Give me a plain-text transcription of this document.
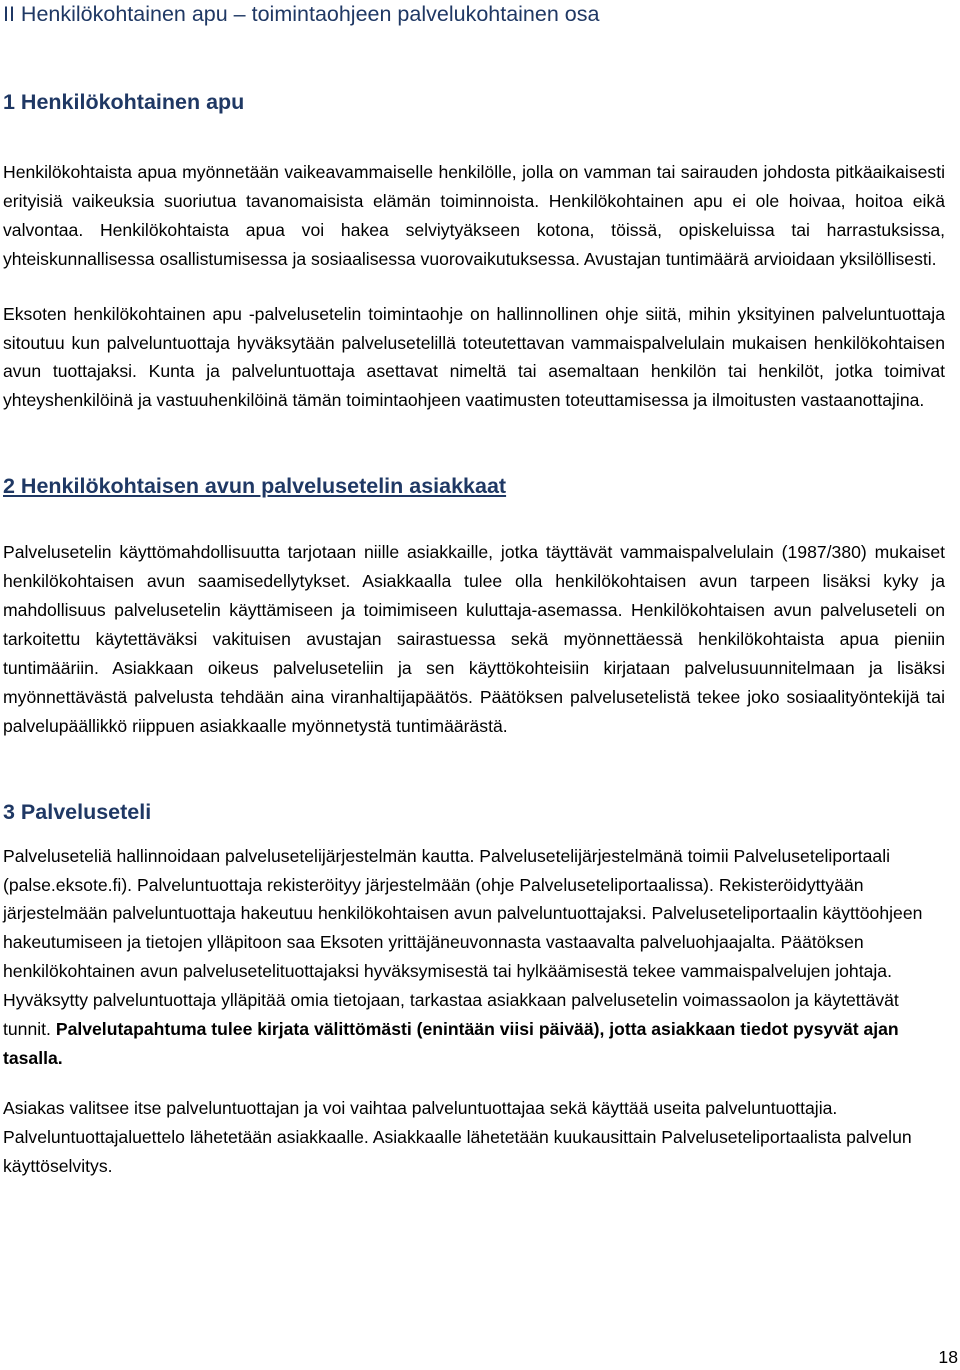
II Henkilökohtainen apu – toimintaohjeen palvelukohtainen osa
1 Henkilökohtainen apu

Henkilökohtaista apua myönnetään vaikeavammaiselle henkilölle, jolla on vamman tai sairauden johdosta pitkäaikaisesti erityisiä vaikeuksia suoriutua tavanomaisista elämän toiminnoista. Henkilökohtainen apu ei ole hoivaa, hoitoa eikä valvontaa. Henkilökohtaista apua voi hakea selviytyäkseen kotona, töissä, opiskeluissa tai harrastuksissa, yhteiskunnallisessa osallistumisessa ja sosiaalisessa vuorovaikutuksessa. Avustajan tuntimäärä arvioidaan yksilöllisesti.

Eksoten henkilökohtainen apu -palvelusetelin toimintaohje on hallinnollinen ohje siitä, mihin yksityinen palveluntuottaja sitoutuu kun palveluntuottaja hyväksytään palvelusetelillä toteutettavan vammaispalvelulain mukaisen henkilökohtaisen avun tuottajaksi. Kunta ja palveluntuottaja asettavat nimeltä tai asemaltaan henkilön tai henkilöt, jotka toimivat yhteyshenkilöinä ja vastuuhenkilöinä tämän toimintaohjeen vaatimusten toteuttamisessa ja ilmoitusten vastaanottajina.

2 Henkilökohtaisen avun palvelusetelin asiakkaat

Palvelusetelin käyttömahdollisuutta tarjotaan niille asiakkaille, jotka täyttävät vammaispalvelulain (1987/380) mukaiset henkilökohtaisen avun saamisedellytykset. Asiakkaalla tulee olla henkilökohtaisen avun tarpeen lisäksi kyky ja mahdollisuus palvelusetelin käyttämiseen ja toimimiseen kuluttaja-asemassa. Henkilökohtaisen avun palveluseteli on tarkoitettu käytettäväksi vakituisen avustajan sairastuessa sekä myönnettäessä henkilökohtaista apua pieniin tuntimääriin. Asiakkaan oikeus palveluseteliin ja sen käyttökohteisiin kirjataan palvelusuunnitelmaan ja lisäksi myönnettävästä palvelusta tehdään aina viranhaltijapäätös. Päätöksen palvelusetelistä tekee joko sosiaalityöntekijä tai palvelupäällikkö riippuen asiakkaalle myönnetystä tuntimäärästä.

3 Palveluseteli

Palveluseteliä hallinnoidaan palvelusetelijärjestelmän kautta. Palvelusetelijärjestelmänä toimii Palveluseteliportaali (palse.eksote.fi). Palveluntuottaja rekisteröityy järjestelmään (ohje Palveluseteliportaalissa). Rekisteröidyttyään järjestelmään palveluntuottaja hakeutuu henkilökohtaisen avun palveluntuottajaksi. Palveluseteliportaalin käyttöohjeen hakeutumiseen ja tietojen ylläpitoon saa Eksoten yrittäjäneuvonnasta vastaavalta palveluohjaajalta. Päätöksen henkilökohtainen avun palvelusetelituottajaksi hyväksymisestä tai hylkäämisestä tekee vammaispalvelujen johtaja. Hyväksytty palveluntuottaja ylläpitää omia tietojaan, tarkastaa asiakkaan palvelusetelin voimassaolon ja käytettävät tunnit. Palvelutapahtuma tulee kirjata välittömästi (enintään viisi päivää), jotta asiakkaan tiedot pysyvät ajan tasalla.

Asiakas valitsee itse palveluntuottajan ja voi vaihtaa palveluntuottajaa sekä käyttää useita palveluntuottajia. Palveluntuottajaluettelo lähetetään asiakkaalle. Asiakkaalle lähetetään kuukausittain Palveluseteliportaalista palvelun käyttöselvitys.

18
